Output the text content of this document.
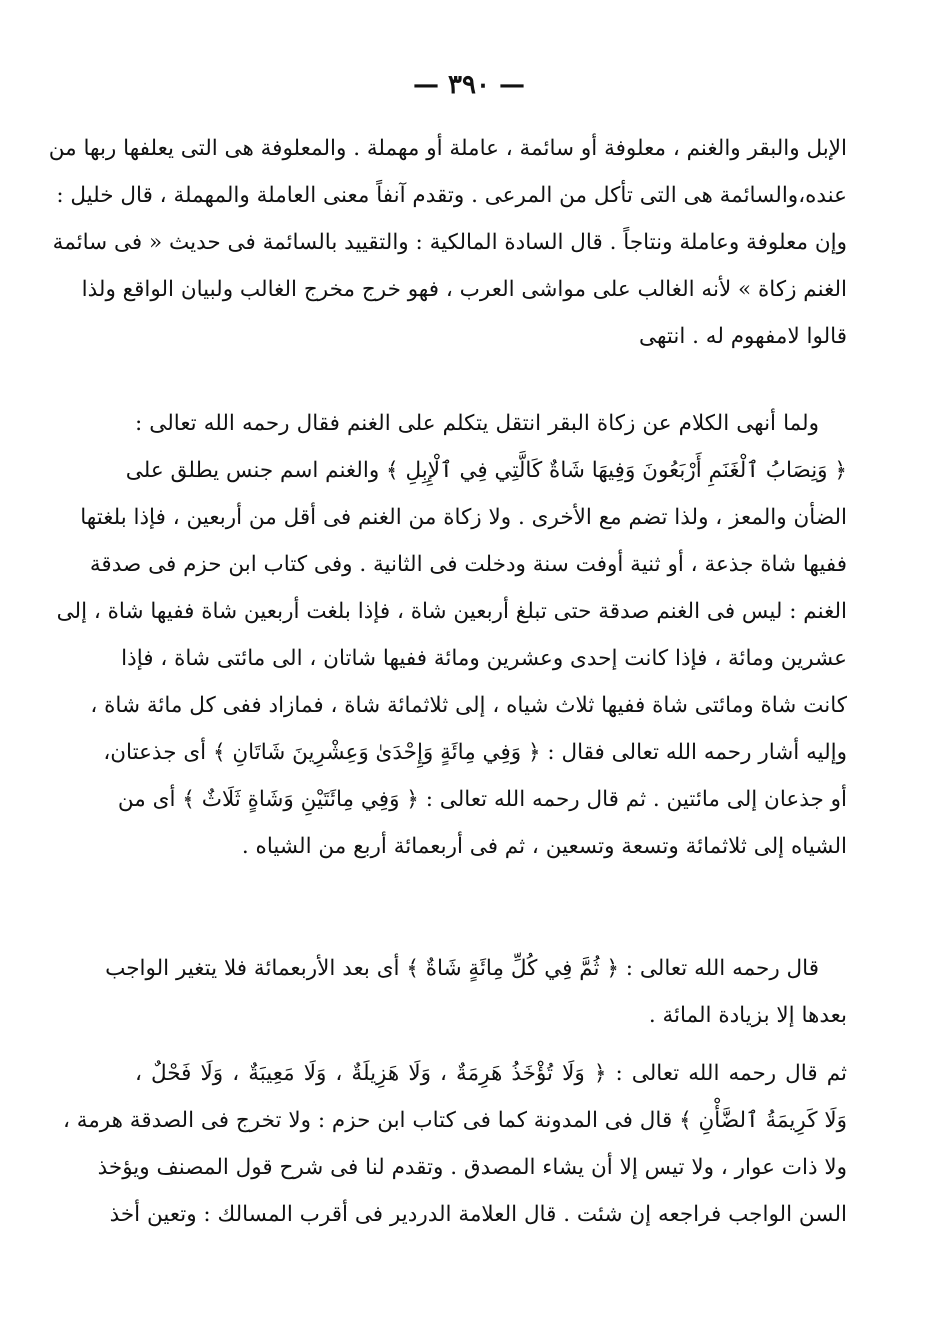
— ٣٩٠ —
الإبل والبقر والغنم ، معلوفة أو سائمة ، عاملة أو مهملة . والمعلوفة هى التى يعلفها ربها من
عنده،والسائمة هى التى تأكل من المرعى . وتقدم آنفاً معنى العاملة والمهملة ، قال خليل :
وإن معلوفة وعاملة ونتاجاً . قال السادة المالكية : والتقييد بالسائمة فى حديث « فى سائمة
الغنم زكاة » لأنه الغالب على مواشى العرب ، فهو خرج مخرج الغالب ولبيان الواقع ولذا
قالوا لامفهوم له . انتهى
ولما أنهى الكلام عن زكاة البقر انتقل يتكلم على الغنم فقال رحمه الله تعالى :
﴿ وَنِصَابُ ٱلْغَنَمِ أَرْبَعُونَ وَفِيهَا شَاةٌ كَالَّتِي فِي ٱلْإِبِلِ ﴾ والغنم اسم جنس يطلق على
الضأن والمعز ، ولذا تضم مع الأخرى . ولا زكاة من الغنم فى أقل من أربعين ، فإذا بلغتها
ففيها شاة جذعة ، أو ثنية أوفت سنة ودخلت فى الثانية . وفى كتاب ابن حزم فى صدقة
الغنم : ليس فى الغنم صدقة حتى تبلغ أربعين شاة ، فإذا بلغت أربعين شاة ففيها شاة ، إلى
عشرين ومائة ، فإذا كانت إحدى وعشرين ومائة ففيها شاتان ، الى مائتى شاة ، فإذا
كانت شاة ومائتى شاة ففيها ثلاث شياه ، إلى ثلاثمائة شاة ، فمازاد ففى كل مائة شاة ،
وإليه أشار رحمه الله تعالى فقال : ﴿ وَفِي مِائَةٍ وَإِحْدَىٰ وَعِشْرِينَ شَاتَانِ ﴾ أى جذعتان،
أو جذعان إلى مائتين . ثم قال رحمه الله تعالى : ﴿ وَفِي مِائَتَيْنِ وَشَاةٍ ثَلَاثٌ ﴾ أى من
الشياه إلى ثلاثمائة وتسعة وتسعين ، ثم فى أربعمائة أربع من الشياه .
قال رحمه الله تعالى : ﴿ ثُمَّ فِي كُلِّ مِائَةٍ شَاةٌ ﴾ أى بعد الأربعمائة فلا يتغير الواجب
بعدها إلا بزيادة المائة .
ثم قال رحمه الله تعالى : ﴿ وَلَا تُؤْخَذُ هَرِمَةٌ ، وَلَا هَزِيلَةٌ ، وَلَا مَعِيبَةٌ ، وَلَا فَحْلٌ ،
وَلَا كَرِيمَةُ ٱلضَّأْنِ ﴾ قال فى المدونة كما فى كتاب ابن حزم : ولا تخرج فى الصدقة هرمة ،
ولا ذات عوار ، ولا تيس إلا أن يشاء المصدق . وتقدم لنا فى شرح قول المصنف ويؤخذ
السن الواجب فراجعه إن شئت . قال العلامة الدردير فى أقرب المسالك : وتعين أخذ
